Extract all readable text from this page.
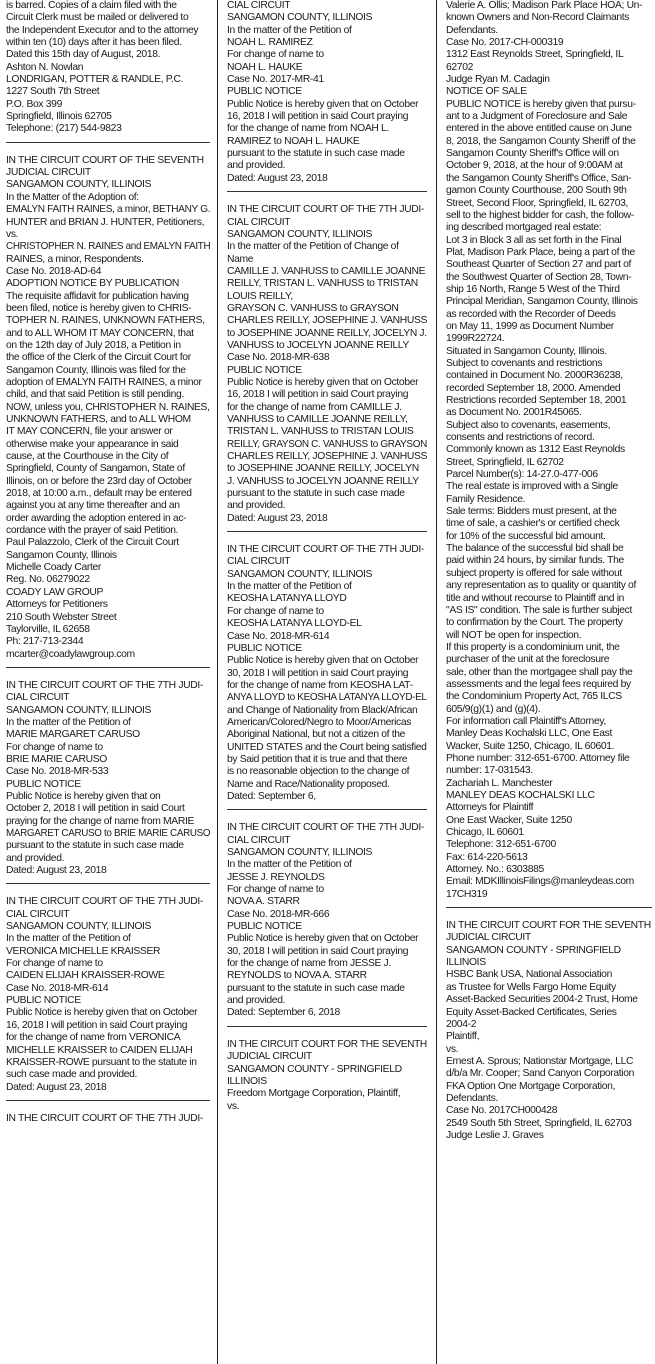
is barred. Copies of a claim filed with the
Circuit Clerk must be mailed or delivered to
the Independent Executor and to the attorney
within ten (10) days after it has been filed.
Dated this 15th day of August, 2018.
Ashton N. Nowlan
LONDRIGAN, POTTER & RANDLE, P.C.
1227 South 7th Street
P.O. Box 399
Springfield, Illinois 62705
Telephone: (217) 544-9823
IN THE CIRCUIT COURT OF THE SEVENTH
JUDICIAL CIRCUIT
SANGAMON COUNTY, ILLINOIS
In the Matter of the Adoption of:
EMALYN FAITH RAINES, a minor, BETHANY G.
HUNTER and BRIAN J. HUNTER, Petitioners,
vs.
CHRISTOPHER N. RAINES and EMALYN FAITH
RAINES, a minor, Respondents.
Case No. 2018-AD-64
ADOPTION NOTICE BY PUBLICATION
The requisite affidavit for publication having
been filed, notice is hereby given to CHRIS-
TOPHER N. RAINES, UNKNOWN FATHERS,
and to ALL WHOM IT MAY CONCERN, that
on the 12th day of July 2018, a Petition in
the office of the Clerk of the Circuit Court for
Sangamon County, Illinois was filed for the
adoption of EMALYN FAITH RAINES, a minor
child, and that said Petition is still pending.
NOW, unless you, CHRISTOPHER N. RAINES,
UNKNOWN FATHERS, and to ALL WHOM
IT MAY CONCERN, file your answer or
otherwise make your appearance in said
cause, at the Courthouse in the City of
Springfield, County of Sangamon, State of
Illinois, on or before the 23rd day of October
2018, at 10:00 a.m., default may be entered
against you at any time thereafter and an
order awarding the adoption entered in ac-
cordance with the prayer of said Petition.
Paul Palazzolo, Clerk of the Circuit Court
Sangamon County, Illinois
Michelle Coady Carter
Reg. No. 06279022
COADY LAW GROUP
Attorneys for Petitioners
210 South Webster Street
Taylorville, IL 62658
Ph: 217-713-2344
mcarter@coadylawgroup.com
IN THE CIRCUIT COURT OF THE 7TH JUDI-
CIAL CIRCUIT
SANGAMON COUNTY, ILLINOIS
In the matter of the Petition of
MARIE MARGARET CARUSO
For change of name to
BRIE MARIE CARUSO
Case No. 2018-MR-533
PUBLIC NOTICE
Public Notice is hereby given that on
October 2, 2018 I will petition in said Court
praying for the change of name from MARIE
MARGARET CARUSO to BRIE MARIE CARUSO
pursuant to the statute in such case made
and provided.
Dated: August 23, 2018
IN THE CIRCUIT COURT OF THE 7TH JUDI-
CIAL CIRCUIT
SANGAMON COUNTY, ILLINOIS
In the matter of the Petition of
VERONICA MICHELLE KRAISSER
For change of name to
CAIDEN ELIJAH KRAISSER-ROWE
Case No. 2018-MR-614
PUBLIC NOTICE
Public Notice is hereby given that on October
16, 2018 I will petition in said Court praying
for the change of name from VERONICA
MICHELLE KRAISSER to CAIDEN ELIJAH
KRAISSER-ROWE pursuant to the statute in
such case made and provided.
Dated: August 23, 2018
IN THE CIRCUIT COURT OF THE 7TH JUDI-
CIAL CIRCUIT
SANGAMON COUNTY, ILLINOIS
In the matter of the Petition of
NOAH L. RAMIREZ
For change of name to
NOAH L. HAUKE
Case No. 2017-MR-41
PUBLIC NOTICE
Public Notice is hereby given that on October
16, 2018 I will petition in said Court praying
for the change of name from NOAH L.
RAMIREZ to NOAH L. HAUKE
pursuant to the statute in such case made
and provided.
Dated: August 23, 2018
IN THE CIRCUIT COURT OF THE 7TH JUDI-
CIAL CIRCUIT
SANGAMON COUNTY, ILLINOIS
In the matter of the Petition of Change of
Name
CAMILLE J. VANHUSS to CAMILLE JOANNE
REILLY, TRISTAN L. VANHUSS to TRISTAN
LOUIS REILLY,
GRAYSON C. VANHUSS to GRAYSON
CHARLES REILLY, JOSEPHINE J. VANHUSS
to JOSEPHINE JOANNE REILLY, JOCELYN J.
VANHUSS to JOCELYN JOANNE REILLY
Case No. 2018-MR-638
PUBLIC NOTICE
Public Notice is hereby given that on October
16, 2018 I will petition in said Court praying
for the change of name from CAMILLE J.
VANHUSS to CAMILLE JOANNE REILLY,
TRISTAN L. VANHUSS to TRISTAN LOUIS
REILLY, GRAYSON C. VANHUSS to GRAYSON
CHARLES REILLY, JOSEPHINE J. VANHUSS
to JOSEPHINE JOANNE REILLY, JOCELYN
J. VANHUSS to JOCELYN JOANNE REILLY
pursuant to the statute in such case made
and provided.
Dated: August 23, 2018
IN THE CIRCUIT COURT OF THE 7TH JUDI-
CIAL CIRCUIT
SANGAMON COUNTY, ILLINOIS
In the matter of the Petition of
KEOSHA LATANYA LLOYD
For change of name to
KEOSHA LATANYA LLOYD-EL
Case No. 2018-MR-614
PUBLIC NOTICE
Public Notice is hereby given that on October
30, 2018 I will petition in said Court praying
for the change of name from KEOSHA LAT-
ANYA LLOYD to KEOSHA LATANYA LLOYD-EL
and Change of Nationality from Black/African
American/Colored/Negro to Moor/Americas
Aboriginal National, but not a citizen of the
UNITED STATES and the Court being satisfied
by Said petition that it is true and that there
is no reasonable objection to the change of
Name and Race/Nationality proposed.
Dated: September 6,
IN THE CIRCUIT COURT OF THE 7TH JUDI-
CIAL CIRCUIT
SANGAMON COUNTY, ILLINOIS
In the matter of the Petition of
JESSE J. REYNOLDS
For change of name to
NOVA A. STARR
Case No. 2018-MR-666
PUBLIC NOTICE
Public Notice is hereby given that on October
30, 2018 I will petition in said Court praying
for the change of name from JESSE J.
REYNOLDS to NOVA A. STARR
pursuant to the statute in such case made
and provided.
Dated: September 6, 2018
IN THE CIRCUIT COURT FOR THE SEVENTH
JUDICIAL CIRCUIT
SANGAMON COUNTY - SPRINGFIELD
ILLINOIS
Freedom Mortgage Corporation, Plaintiff,
vs.
Valerie A. Ollis; Madison Park Place HOA; Un-
known Owners and Non-Record Claimants
Defendants.
Case No. 2017-CH-000319
1312 East Reynolds Street, Springfield, IL
62702
Judge Ryan M. Cadagin
NOTICE OF SALE
PUBLIC NOTICE is hereby given that pursu-
ant to a Judgment of Foreclosure and Sale
entered in the above entitled cause on June
8, 2018, the Sangamon County Sheriff of the
Sangamon County Sheriff's Office will on
October 9, 2018, at the hour of 9:00AM at
the Sangamon County Sheriff's Office, San-
gamon County Courthouse, 200 South 9th
Street, Second Floor, Springfield, IL 62703,
sell to the highest bidder for cash, the follow-
ing described mortgaged real estate:
Lot 3 in Block 3 all as set forth in the Final
Plat, Madison Park Place, being a part of the
Southeast Quarter of Section 27 and part of
the Southwest Quarter of Section 28, Town-
ship 16 North, Range 5 West of the Third
Principal Meridian, Sangamon County, Illinois
as recorded with the Recorder of Deeds
on May 11, 1999 as Document Number
1999R22724.
Situated in Sangamon County, Illinois.
Subject to covenants and restrictions
contained in Document No. 2000R36238,
recorded September 18, 2000. Amended
Restrictions recorded September 18, 2001
as Document No. 2001R45065.
Subject also to covenants, easements,
consents and restrictions of record.
Commonly known as 1312 East Reynolds
Street, Springfield, IL 62702
Parcel Number(s): 14-27.0-477-006
The real estate is improved with a Single
Family Residence.
Sale terms: Bidders must present, at the
time of sale, a cashier's or certified check
for 10% of the successful bid amount.
The balance of the successful bid shall be
paid within 24 hours, by similar funds. The
subject property is offered for sale without
any representation as to quality or quantity of
title and without recourse to Plaintiff and in
"AS IS" condition. The sale is further subject
to confirmation by the Court. The property
will NOT be open for inspection.
If this property is a condominium unit, the
purchaser of the unit at the foreclosure
sale, other than the mortgagee shall pay the
assessments and the legal fees required by
the Condominium Property Act, 765 ILCS
605/9(g)(1) and (g)(4).
For information call Plaintiff's Attorney,
Manley Deas Kochalski LLC, One East
Wacker, Suite 1250, Chicago, IL 60601.
Phone number: 312-651-6700. Attorney file
number: 17-031543.
Zachariah L. Manchester
MANLEY DEAS KOCHALSKI LLC
Attorneys for Plaintiff
One East Wacker, Suite 1250
Chicago, IL 60601
Telephone: 312-651-6700
Fax: 614-220-5613
Attorney. No.: 6303885
Email: MDKIllinoisFilings@manleydeas.com
17CH319
IN THE CIRCUIT COURT FOR THE SEVENTH
JUDICIAL CIRCUIT
SANGAMON COUNTY - SPRINGFIELD
ILLINOIS
HSBC Bank USA, National Association
as Trustee for Wells Fargo Home Equity
Asset-Backed Securities 2004-2 Trust, Home
Equity Asset-Backed Certificates, Series
2004-2
Plaintiff,
vs.
Ernest A. Sprous; Nationstar Mortgage, LLC
d/b/a Mr. Cooper; Sand Canyon Corporation
FKA Option One Mortgage Corporation,
Defendants.
Case No. 2017CH000428
2549 South 5th Street, Springfield, IL 62703
Judge Leslie J. Graves
